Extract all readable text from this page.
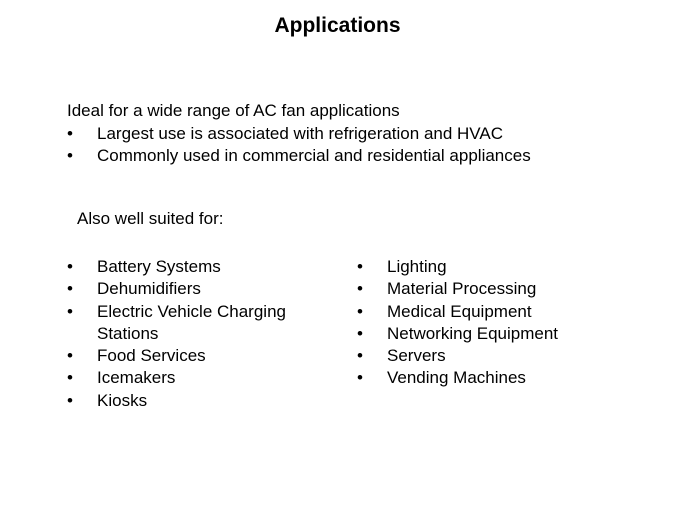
Applications
Ideal for a wide range of AC fan applications
• Largest use is associated with refrigeration and HVAC
• Commonly used in commercial and residential appliances
Also well suited for:
• Battery Systems
• Dehumidifiers
• Electric Vehicle Charging Stations
• Food Services
• Icemakers
• Kiosks
• Lighting
• Material Processing
• Medical Equipment
• Networking Equipment
• Servers
• Vending Machines
